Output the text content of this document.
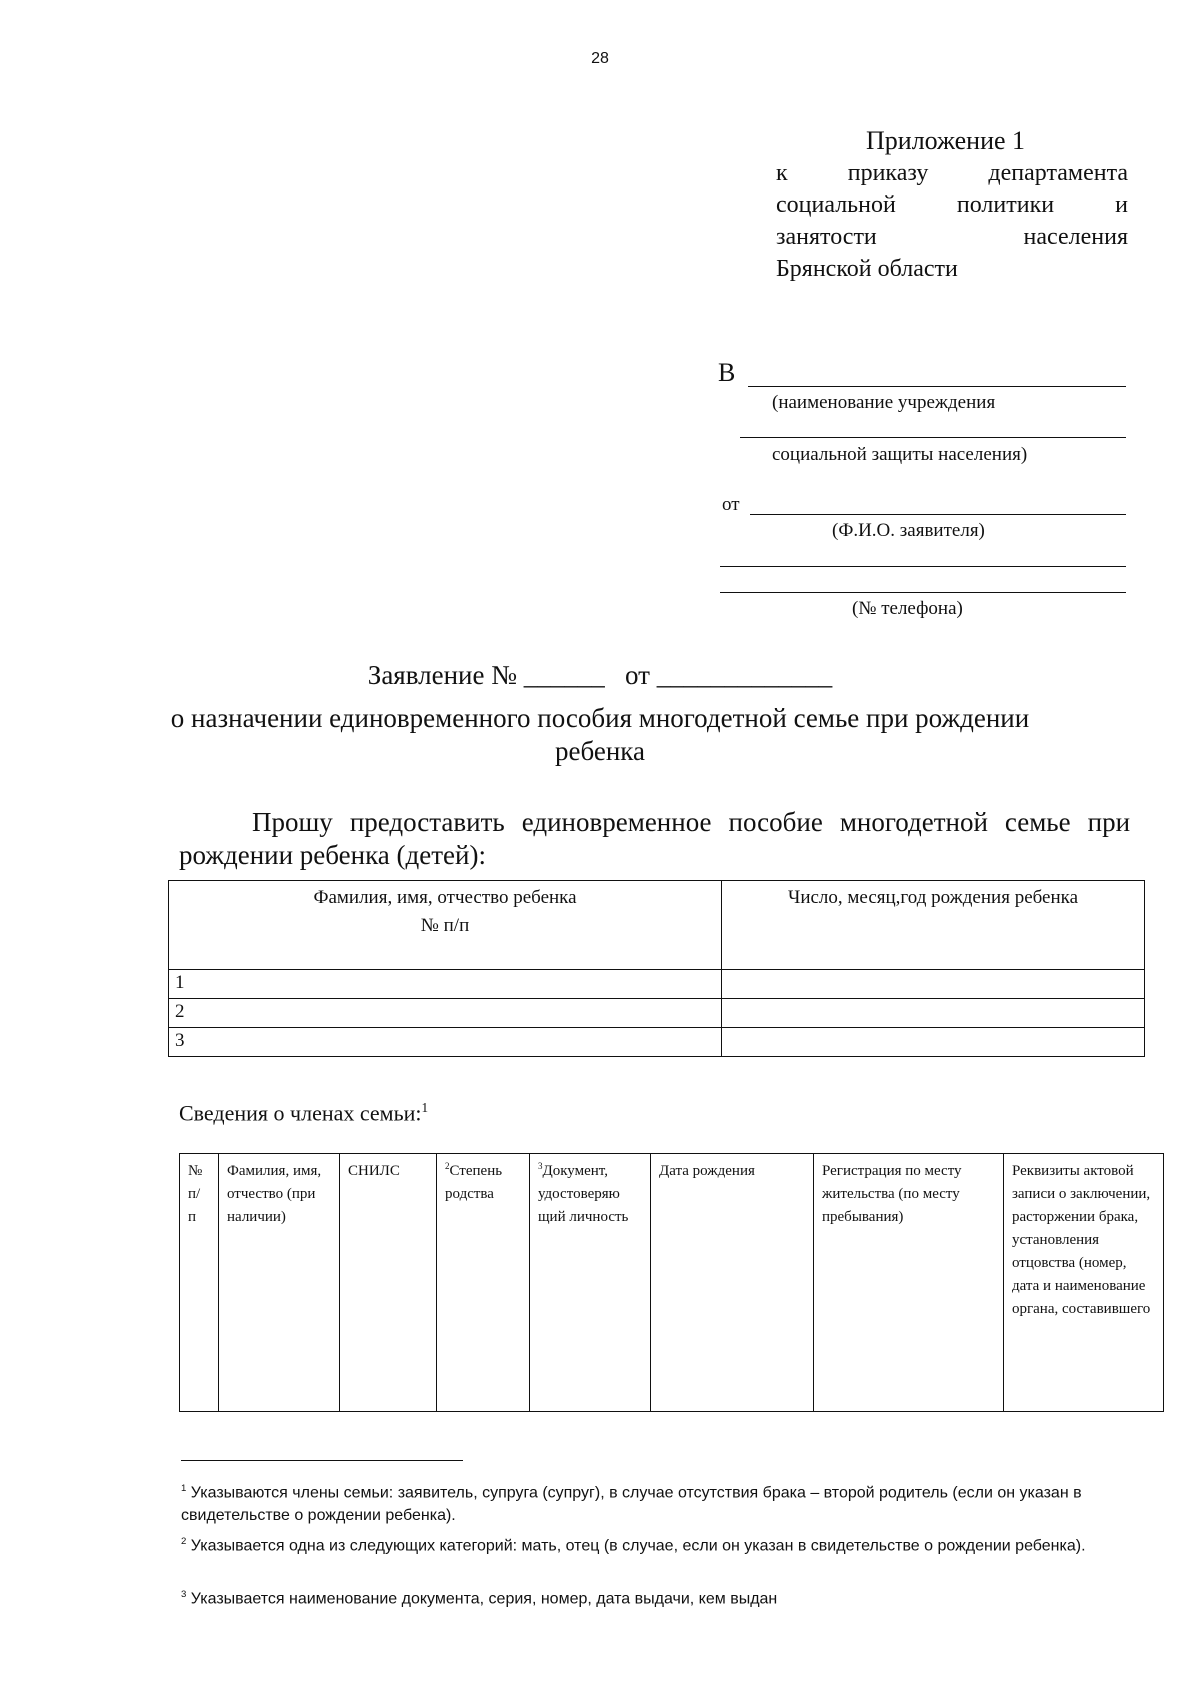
28
Приложение 1
к	приказу	департамента
социальной	политики	и
занятости	населения
Брянской области
В
(наименование учреждения
социальной защиты населения)
от
(Ф.И.О. заявителя)
(№ телефона)
Заявление № ______ от _____________
о назначении единовременного пособия многодетной семье при рождении
ребенка
Прошу предоставить единовременное пособие многодетной семье при
рождении ребенка (детей):
Фамилия, имя, отчество ребенка
№ п/п	Число, месяц,год рождения ребенка

1	
2	
3	
Сведения о членах семьи:$^1$
№ п/ п	Фамилия, имя, отчество (при наличии)	СНИЛС	$^2$Степень родства	$^3$Документ, удостоверяю щий личность	Дата рождения	Регистрация по месту жительства (по месту пребывания)	Реквизиты актовой записи о заключении, расторжении брака, установления отцовства (номер, дата и наименование органа, составившего
$^1$ Указываются члены семьи: заявитель, супруга (супруг), в случае отсутствия брака – второй родитель (если он указан в свидетельстве о рождении ребенка).
$^2$ Указывается одна из следующих категорий: мать, отец (в случае, если он указан в свидетельстве о рождении ребенка).
$^3$ Указывается наименование документа, серия, номер, дата выдачи, кем выдан
